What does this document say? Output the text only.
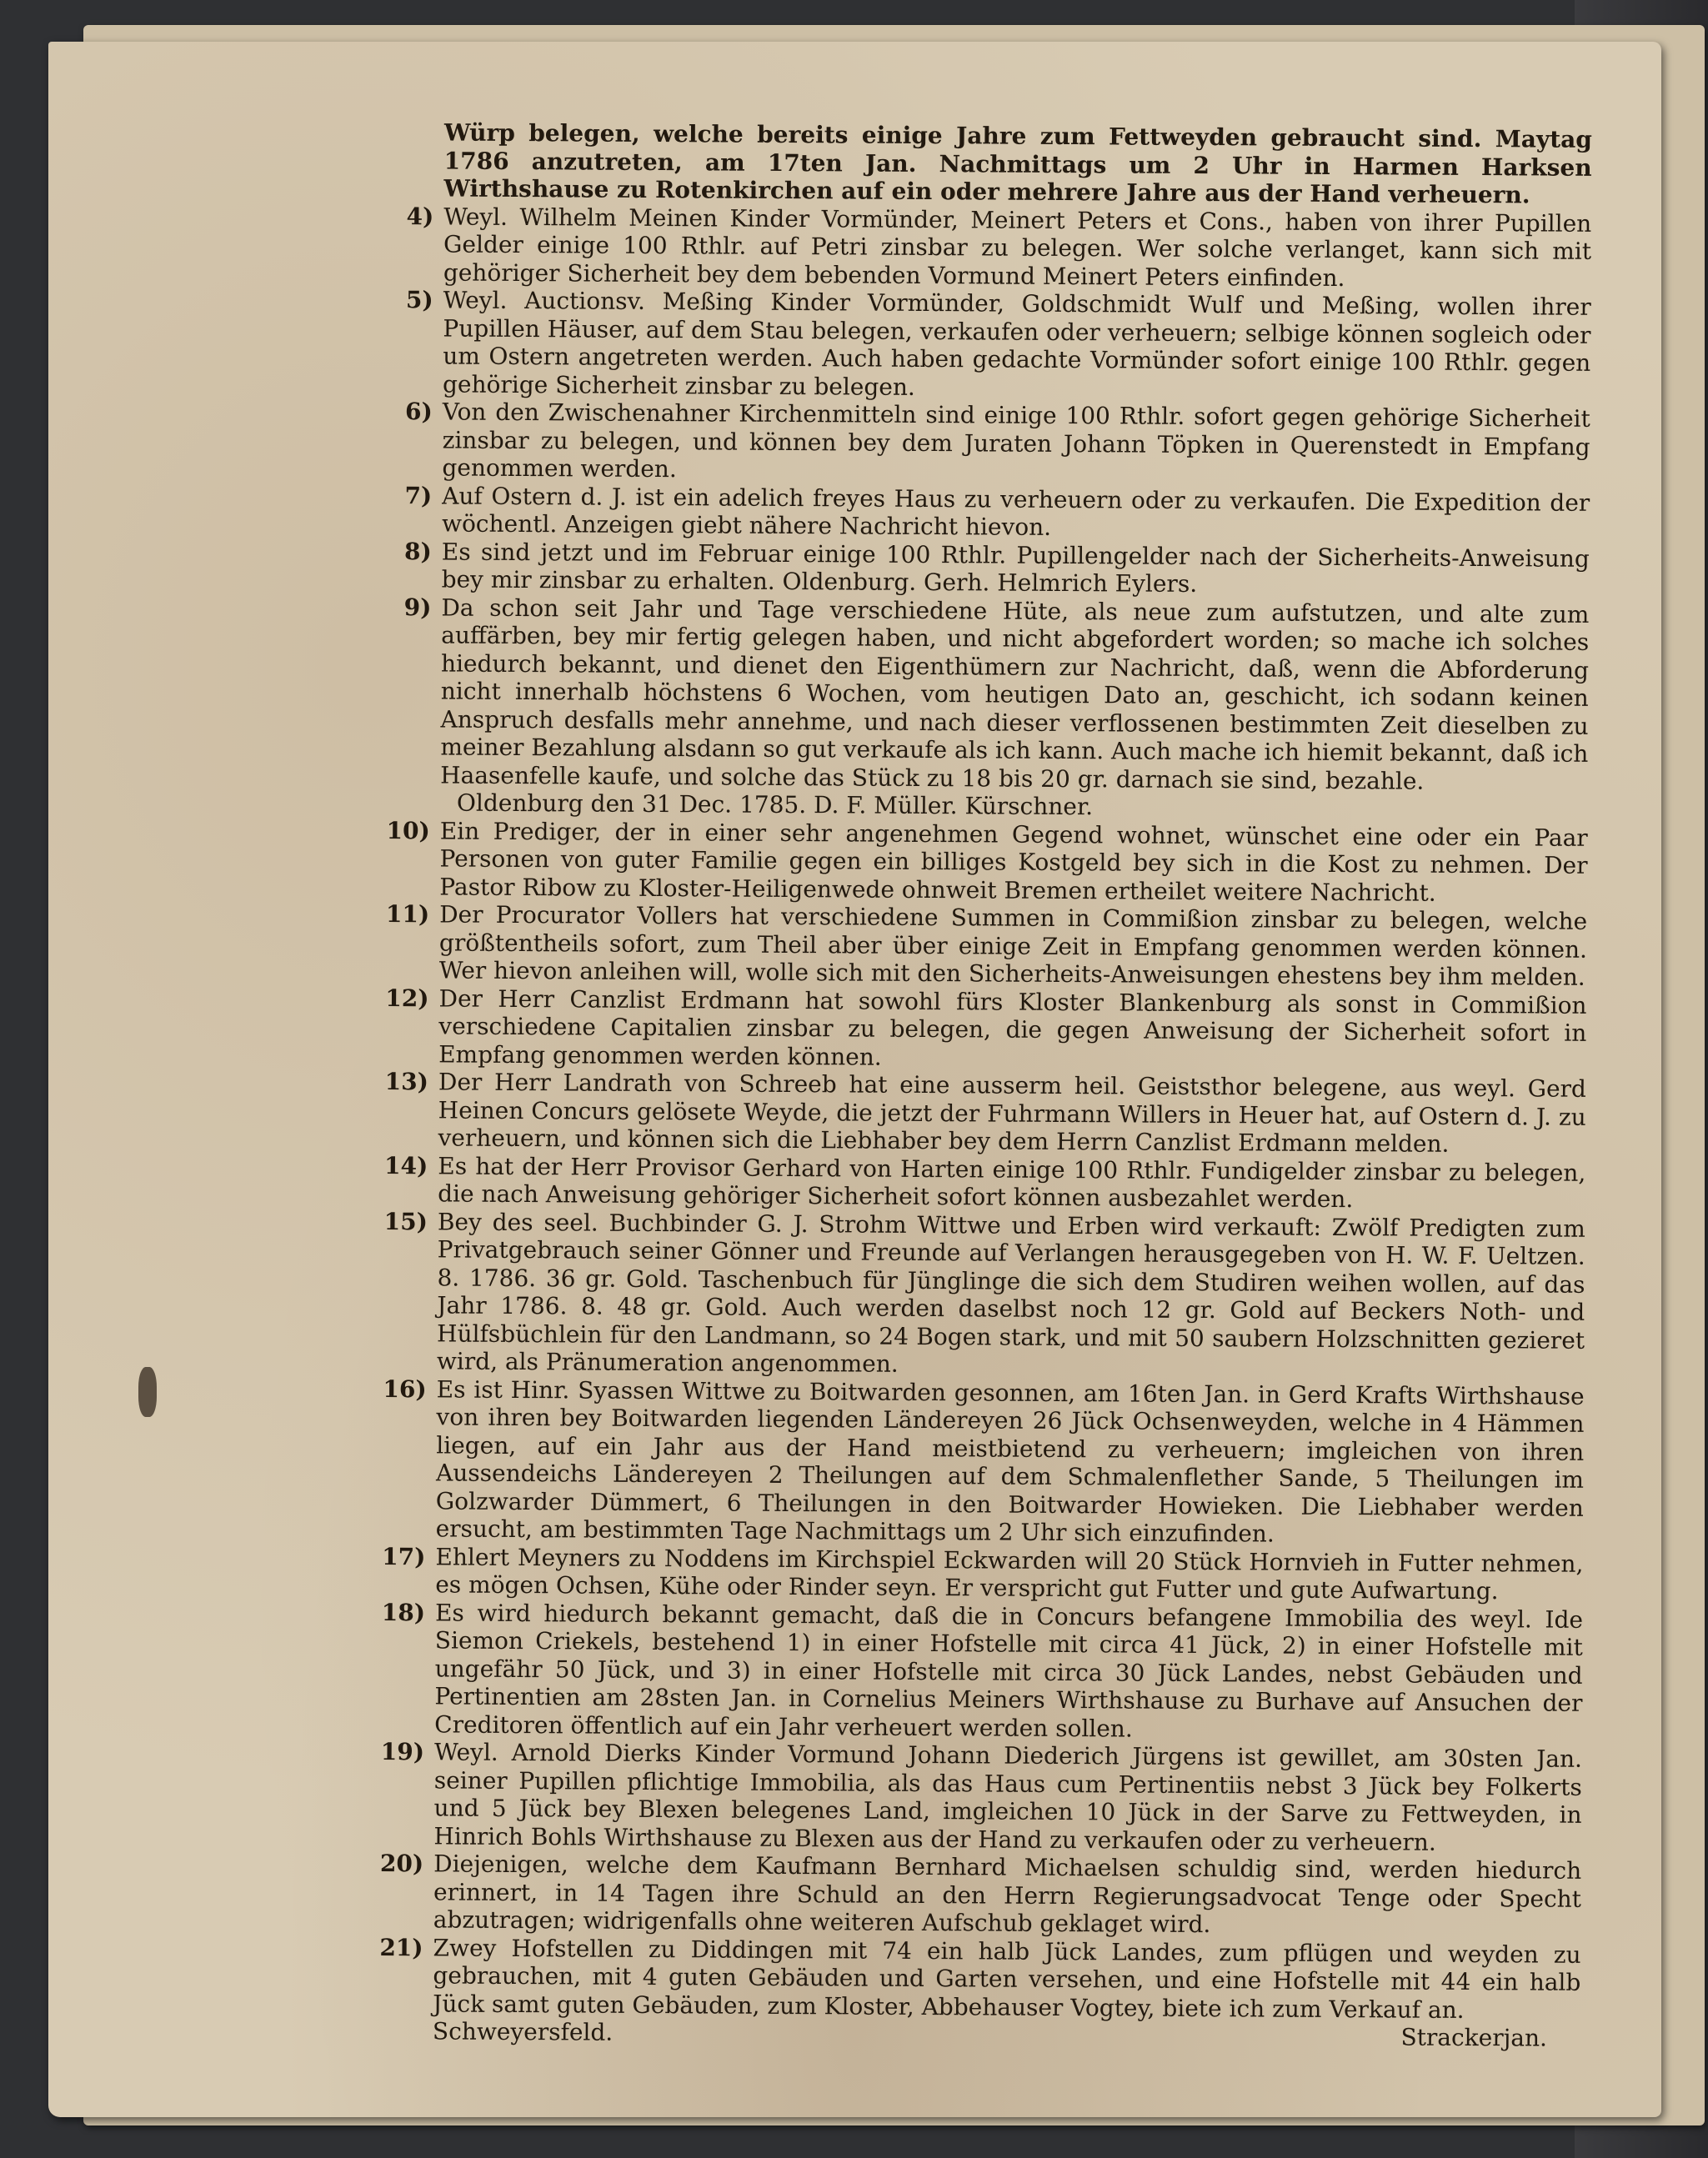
Würp belegen, welche bereits einige Jahre zum Fettweyden gebraucht sind. Maytag 1786 anzutreten, am 17ten Jan. Nachmittags um 2 Uhr in Harmen Harksen Wirthshause zu Rotenkirchen auf ein oder mehrere Jahre aus der Hand verheuern.
4) Weyl. Wilhelm Meinen Kinder Vormünder, Meinert Peters et Cons., haben von ihrer Pupillen Gelder einige 100 Rthlr. auf Petri zinsbar zu belegen. Wer solche verlanget, kann sich mit gehöriger Sicherheit bey dem bebenden Vormund Meinert Peters einfinden.
5) Weyl. Auctionsv. Meßing Kinder Vormünder, Goldschmidt Wulf und Meßing, wollen ihrer Pupillen Häuser, auf dem Stau belegen, verkaufen oder verheuern; selbige können sogleich oder um Ostern angetreten werden. Auch haben gedachte Vormünder sofort einige 100 Rthlr. gegen gehörige Sicherheit zinsbar zu belegen.
6) Von den Zwischenahner Kirchenmitteln sind einige 100 Rthlr. sofort gegen gehörige Sicherheit zinsbar zu belegen, und können bey dem Juraten Johann Töpken in Querenstedt in Empfang genommen werden.
7) Auf Ostern d. J. ist ein adelich freyes Haus zu verheuern oder zu verkaufen. Die Expedition der wöchentl. Anzeigen giebt nähere Nachricht hievon.
8) Es sind jetzt und im Februar einige 100 Rthlr. Pupillengelder nach der Sicherheits-Anweisung bey mir zinsbar zu erhalten. Oldenburg. Gerh. Helmrich Eylers.
9) Da schon seit Jahr und Tage verschiedene Hüte, als neue zum aufstutzen, und alte zum auffärben, bey mir fertig gelegen haben, und nicht abgefordert worden; so mache ich solches hiedurch bekannt, und dienet den Eigenthümern zur Nachricht, daß, wenn die Abforderung nicht innerhalb höchstens 6 Wochen, vom heutigen Dato an, geschicht, ich sodann keinen Anspruch desfalls mehr annehme, und nach dieser verflossenen bestimmten Zeit dieselben zu meiner Bezahlung alsdann so gut verkaufe als ich kann. Auch mache ich hiemit bekannt, daß ich Haasenfelle kaufe, und solche das Stück zu 18 bis 20 gr. darnach sie sind, bezahle.
Oldenburg den 31 Dec. 1785. D. F. Müller. Kürschner.
10) Ein Prediger, der in einer sehr angenehmen Gegend wohnet, wünschet eine oder ein Paar Personen von guter Familie gegen ein billiges Kostgeld bey sich in die Kost zu nehmen. Der Pastor Ribow zu Kloster-Heiligenwede ohnweit Bremen ertheilet weitere Nachricht.
11) Der Procurator Vollers hat verschiedene Summen in Commißion zinsbar zu belegen, welche größtentheils sofort, zum Theil aber über einige Zeit in Empfang genommen werden können. Wer hievon anleihen will, wolle sich mit den Sicherheits-Anweisungen ehestens bey ihm melden.
12) Der Herr Canzlist Erdmann hat sowohl fürs Kloster Blankenburg als sonst in Commißion verschiedene Capitalien zinsbar zu belegen, die gegen Anweisung der Sicherheit sofort in Empfang genommen werden können.
13) Der Herr Landrath von Schreeb hat eine ausserm heil. Geiststhor belegene, aus weyl. Gerd Heinen Concurs gelösete Weyde, die jetzt der Fuhrmann Willers in Heuer hat, auf Ostern d. J. zu verheuern, und können sich die Liebhaber bey dem Herrn Canzlist Erdmann melden.
14) Es hat der Herr Provisor Gerhard von Harten einige 100 Rthlr. Fundigelder zinsbar zu belegen, die nach Anweisung gehöriger Sicherheit sofort können ausbezahlet werden.
15) Bey des seel. Buchbinder G. J. Strohm Wittwe und Erben wird verkauft: Zwölf Predigten zum Privatgebrauch seiner Gönner und Freunde auf Verlangen herausgegeben von H. W. F. Ueltzen. 8. 1786. 36 gr. Gold. Taschenbuch für Jünglinge die sich dem Studiren weihen wollen, auf das Jahr 1786. 8. 48 gr. Gold. Auch werden daselbst noch 12 gr. Gold auf Beckers Noth- und Hülfsbüchlein für den Landmann, so 24 Bogen stark, und mit 50 saubern Holzschnitten gezieret wird, als Pränumeration angenommen.
16) Es ist Hinr. Syassen Wittwe zu Boitwarden gesonnen, am 16ten Jan. in Gerd Krafts Wirthshause von ihren bey Boitwarden liegenden Ländereyen 26 Jück Ochsenweyden, welche in 4 Hämmen liegen, auf ein Jahr aus der Hand meistbietend zu verheuern; imgleichen von ihren Aussendeichs Ländereyen 2 Theilungen auf dem Schmalenflether Sande, 5 Theilungen im Golzwarder Dümmert, 6 Theilungen in den Boitwarder Howieken. Die Liebhaber werden ersucht, am bestimmten Tage Nachmittags um 2 Uhr sich einzufinden.
17) Ehlert Meyners zu Noddens im Kirchspiel Eckwarden will 20 Stück Hornvieh in Futter nehmen, es mögen Ochsen, Kühe oder Rinder seyn. Er verspricht gut Futter und gute Aufwartung.
18) Es wird hiedurch bekannt gemacht, daß die in Concurs befangene Immobilia des weyl. Ide Siemon Criekels, bestehend 1) in einer Hofstelle mit circa 41 Jück, 2) in einer Hofstelle mit ungefähr 50 Jück, und 3) in einer Hofstelle mit circa 30 Jück Landes, nebst Gebäuden und Pertinentien am 28sten Jan. in Cornelius Meiners Wirthshause zu Burhave auf Ansuchen der Creditoren öffentlich auf ein Jahr verheuert werden sollen.
19) Weyl. Arnold Dierks Kinder Vormund Johann Diederich Jürgens ist gewillet, am 30sten Jan. seiner Pupillen pflichtige Immobilia, als das Haus cum Pertinentiis nebst 3 Jück bey Folkerts und 5 Jück bey Blexen belegenes Land, imgleichen 10 Jück in der Sarve zu Fettweyden, in Hinrich Bohls Wirthshause zu Blexen aus der Hand zu verkaufen oder zu verheuern.
20) Diejenigen, welche dem Kaufmann Bernhard Michaelsen schuldig sind, werden hiedurch erinnert, in 14 Tagen ihre Schuld an den Herrn Regierungsadvocat Tenge oder Specht abzutragen; widrigenfalls ohne weiteren Aufschub geklaget wird.
21) Zwey Hofstellen zu Diddingen mit 74 ein halb Jück Landes, zum pflügen und weyden zu gebrauchen, mit 4 guten Gebäuden und Garten versehen, und eine Hofstelle mit 44 ein halb Jück samt guten Gebäuden, zum Kloster, Abbehauser Vogtey, biete ich zum Verkauf an.
Schweyersfeld.	Strackerjan.
